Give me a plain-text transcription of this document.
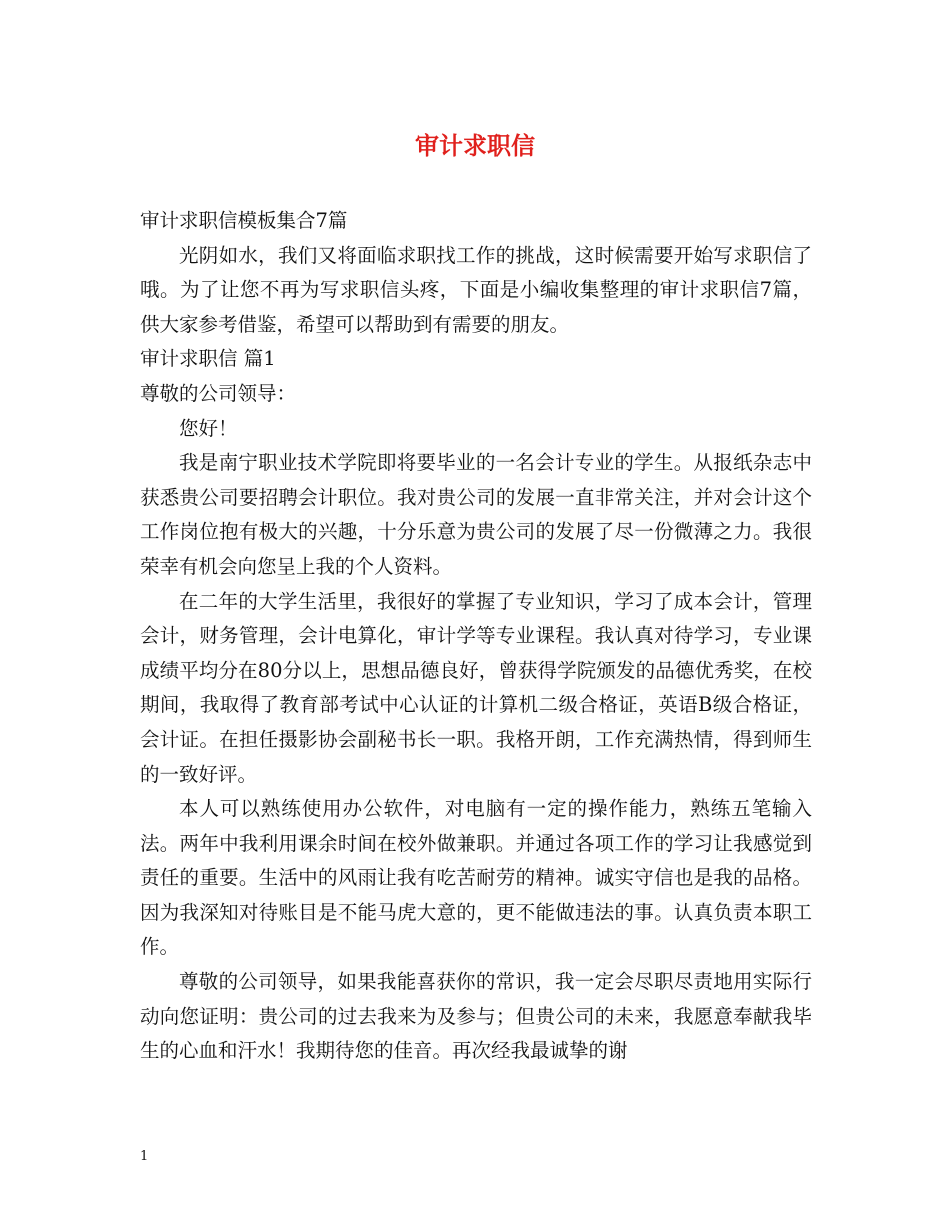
审计求职信

审计求职信模板集合7篇

光阴如水，我们又将面临求职找工作的挑战，这时候需要开始写求职信了哦。为了让您不再为写求职信头疼，下面是小编收集整理的审计求职信7篇，供大家参考借鉴，希望可以帮助到有需要的朋友。

审计求职信 篇1

尊敬的公司领导：

您好！

我是南宁职业技术学院即将要毕业的一名会计专业的学生。从报纸杂志中获悉贵公司要招聘会计职位。我对贵公司的发展一直非常关注，并对会计这个工作岗位抱有极大的兴趣，十分乐意为贵公司的发展了尽一份微薄之力。我很荣幸有机会向您呈上我的个人资料。

在二年的大学生活里，我很好的掌握了专业知识，学习了成本会计，管理会计，财务管理，会计电算化，审计学等专业课程。我认真对待学习，专业课成绩平均分在80分以上，思想品德良好，曾获得学院颁发的品德优秀奖，在校期间，我取得了教育部考试中心认证的计算机二级合格证，英语B级合格证，会计证。在担任摄影协会副秘书长一职。我格开朗，工作充满热情，得到师生的一致好评。

本人可以熟练使用办公软件，对电脑有一定的操作能力，熟练五笔输入法。两年中我利用课余时间在校外做兼职。并通过各项工作的学习让我感觉到责任的重要。生活中的风雨让我有吃苦耐劳的精神。诚实守信也是我的品格。因为我深知对待账目是不能马虎大意的，更不能做违法的事。认真负责本职工作。

尊敬的公司领导，如果我能喜获你的常识，我一定会尽职尽责地用实际行动向您证明：贵公司的过去我来为及参与；但贵公司的未来，我愿意奉献我毕生的心血和汗水！我期待您的佳音。再次经我最诚挚的谢

1
